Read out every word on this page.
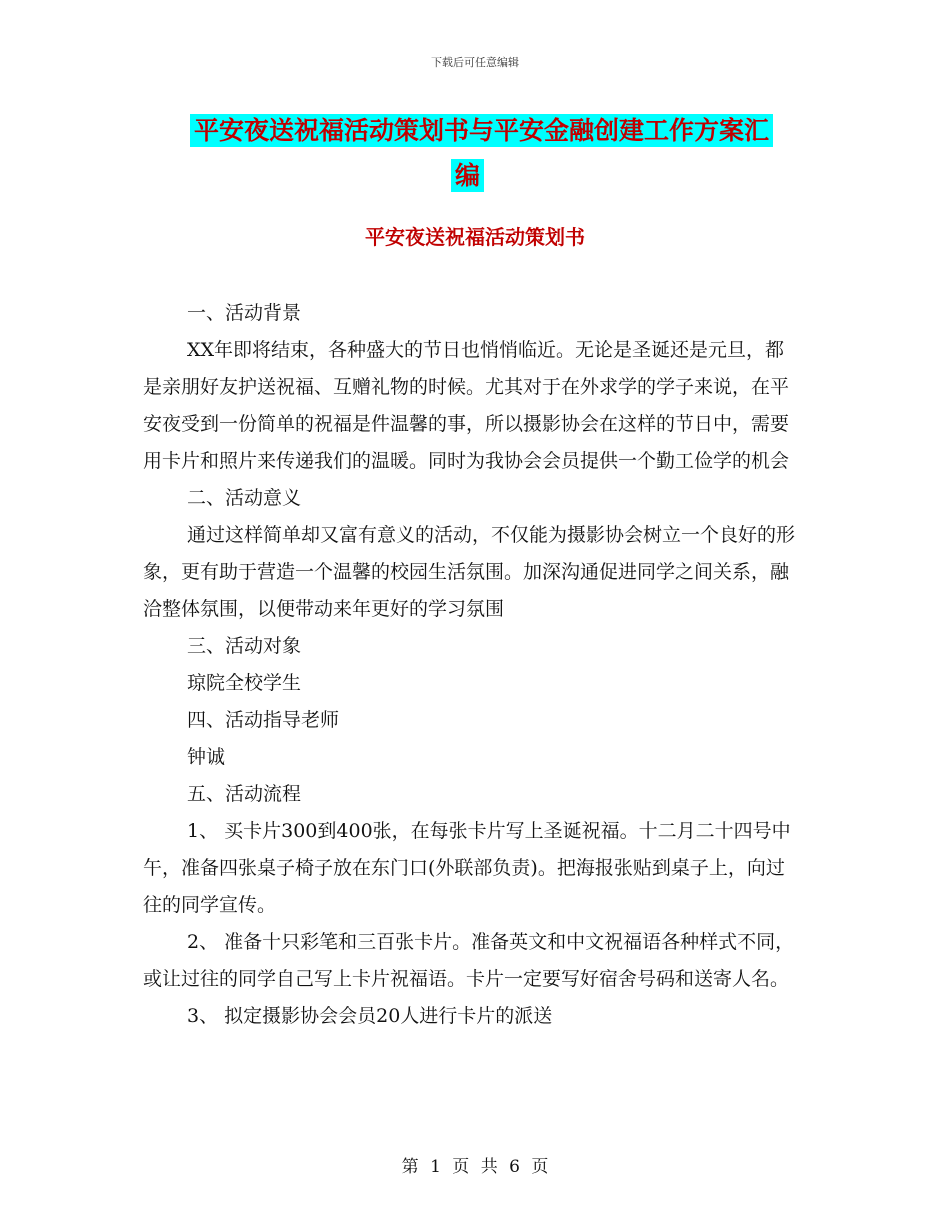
下载后可任意编辑
平安夜送祝福活动策划书与平安金融创建工作方案汇
编
平安夜送祝福活动策划书

一、活动背景

XX年即将结束，各种盛大的节日也悄悄临近。无论是圣诞还是元旦，都是亲朋好友护送祝福、互赠礼物的时候。尤其对于在外求学的学子来说，在平安夜受到一份简单的祝福是件温馨的事，所以摄影协会在这样的节日中，需要用卡片和照片来传递我们的温暖。同时为我协会会员提供一个勤工俭学的机会

二、活动意义

通过这样简单却又富有意义的活动，不仅能为摄影协会树立一个良好的形象，更有助于营造一个温馨的校园生活氛围。加深沟通促进同学之间关系，融洽整体氛围，以便带动来年更好的学习氛围

三、活动对象

琼院全校学生

四、活动指导老师

钟诚

五、活动流程

1、 买卡片300到400张，在每张卡片写上圣诞祝福。十二月二十四号中午，准备四张桌子椅子放在东门口(外联部负责)。把海报张贴到桌子上，向过往的同学宣传。

2、 准备十只彩笔和三百张卡片。准备英文和中文祝福语各种样式不同，或让过往的同学自己写上卡片祝福语。卡片一定要写好宿舍号码和送寄人名。

3、 拟定摄影协会会员20人进行卡片的派送

第 1 页 共 6 页
